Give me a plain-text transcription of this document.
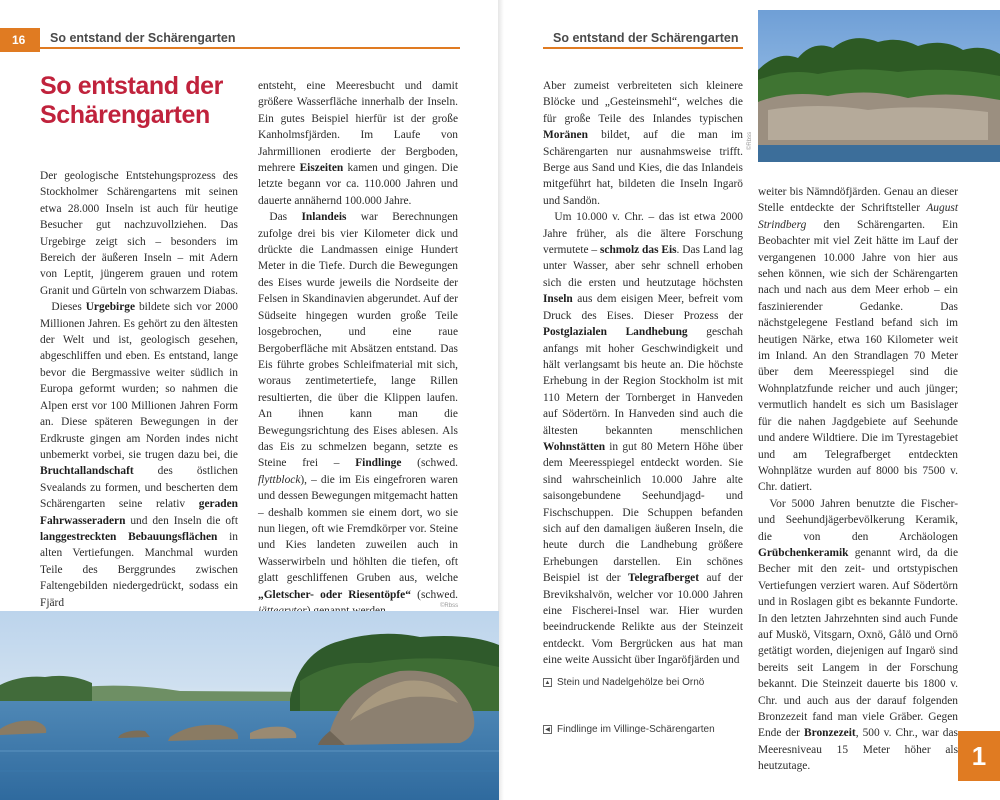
16	So entstand der Schärengarten
So entstand der
Schärengarten

Der geologische Entstehungsprozess des Stockholmer Schärengartens mit seinen etwa 28.000 Inseln ist auch für heutige Besucher gut nachzuvollziehen. Das Urgebirge zeigt sich – besonders im Bereich der äußeren Inseln – mit Adern von Leptit, jüngerem grauen und rotem Granit und Gürteln von schwarzem Diabas.

Dieses Urgebirge bildete sich vor 2000 Millionen Jahren. Es gehört zu den ältesten der Welt und ist, geologisch gesehen, abgeschliffen und eben. Es entstand, lange bevor die Bergmassive weiter südlich in Europa geformt wurden; so nahmen die Alpen erst vor 100 Millionen Jahren Form an. Diese späteren Bewegungen in der Erdkruste gingen am Norden indes nicht unbemerkt vorbei, sie trugen dazu bei, die Bruchtallandschaft des östlichen Svealands zu formen, und bescherten dem Schärengarten seine relativ geraden Fahrwasseradern und den Inseln die oft langgestreckten Bebauungsflächen in alten Vertiefungen. Manchmal wurden Teile des Berggrundes zwischen Faltengebilden niedergedrückt, sodass ein Fjärd

entsteht, eine Meeresbucht und damit größere Wasserfläche innerhalb der Inseln. Ein gutes Beispiel hierfür ist der große Kanholmsfjärden. Im Laufe von Jahrmillionen erodierte der Bergboden, mehrere Eiszeiten kamen und gingen. Die letzte begann vor ca. 110.000 Jahren und dauerte annähernd 100.000 Jahre.

Das Inlandeis war Berechnungen zufolge drei bis vier Kilometer dick und drückte die Landmassen einige Hundert Meter in die Tiefe. Durch die Bewegungen des Eises wurde jeweils die Nordseite der Felsen in Skandinavien abgerundet. Auf der Südseite hingegen wurden große Teile losgebrochen, und eine raue Bergoberfläche mit Absätzen entstand. Das Eis führte grobes Schleifmaterial mit sich, woraus zentimetertiefe, lange Rillen resultierten, die über die Klippen laufen. An ihnen kann man die Bewegungsrichtung des Eises ablesen. Als das Eis zu schmelzen begann, setzte es Steine frei – Findlinge (schwed. flyttblock), – die im Eis eingefroren waren und dessen Bewegungen mitgemacht hatten – deshalb kommen sie einem dort, wo sie nun liegen, oft wie Fremdkörper vor. Steine und Kies landeten zuweilen auch in Wasserwirbeln und höhlten die tiefen, oft glatt geschliffenen Gruben aus, welche „Gletscher- oder Riesentöpfe“ (schwed.

©Rbss
So entstand der Schärengarten
©Rbss

Aber zumeist verbreiteten sich kleinere Blöcke und „Gesteinsmehl“, welches die für große Teile des Inlandes typischen Moränen bildet, auf die man im Schärengarten nur ausnahmsweise trifft. Berge aus Sand und Kies, die das Inlandeis mitgeführt hat, bildeten die Inseln Ingarö und Sandön.

Um 10.000 v. Chr. – das ist etwa 2000 Jahre früher, als die ältere Forschung vermutete – schmolz das Eis. Das Land lag unter Wasser, aber sehr schnell erhoben sich die ersten und heutzutage höchsten Inseln aus dem eisigen Meer, befreit vom Druck des Eises. Dieser Prozess der Postglazialen Landhebung geschah anfangs mit hoher Geschwindigkeit und hält verlangsamt bis heute an. Die höchste Erhebung in der Region Stockholm ist mit 110 Metern der Tornberget in Hanveden auf Södertörn. In Hanveden sind auch die ältesten bekannten menschlichen Wohnstätten in gut 80 Metern Höhe über dem Meeresspiegel entdeckt worden. Sie sind wahrscheinlich 10.000 Jahre alte saisongebundene Seehundjagd- und Fischschuppen. Die Schuppen befanden sich auf den damaligen äußeren Inseln, die heute durch die Landhebung größere Erhebungen darstellen. Ein schönes Beispiel ist der Telegrafberget auf der Brevikshalvön, welcher vor 10.000 Jahren eine Fischerei-Insel war. Hier wurden beeindruckende Relikte aus der Steinzeit entdeckt. Vom Bergrücken aus hat man eine weite Aussicht über Ingaröfjärden und

▲ Stein und Nadelgehölze bei Ornö
◀ Findlinge im Villinge-Schärengarten

weiter bis Nämndöfjärden. Genau an dieser Stelle entdeckte der Schriftsteller August Strindberg den Schärengarten. Ein Beobachter mit viel Zeit hätte im Lauf der vergangenen 10.000 Jahre von hier aus sehen können, wie sich der Schärengarten nach und nach aus dem Meer erhob – ein faszinierender Gedanke. Das nächstgelegene Festland befand sich im heutigen Närke, etwa 160 Kilometer weit im Inland. An den Strandlagen 70 Meter über dem Meeresspiegel sind die Wohnplatzfunde reicher und auch jünger; vermutlich handelt es sich um Basislager für die nahen Jagdgebiete auf Seehunde und andere Wildtiere. Die im Tyrestagebiet und am Telegrafberget entdeckten Wohnplätze wurden auf 8000 bis 7500 v. Chr. datiert.

Vor 5000 Jahren benutzte die Fischer- und Seehundjägerbevölkerung Keramik, die von den Archäologen Grübchenkeramik genannt wird, da die Becher mit den zeit- und ortstypischen Vertiefungen verziert waren. Auf Södertörn und in Roslagen gibt es bekannte Fundorte. In den letzten Jahrzehnten sind auch Funde auf Muskö, Vitsgarn, Oxnö, Gålö und Ornö getätigt worden, diejenigen auf Ingarö sind bereits seit Langem in der Forschung bekannt. Die Steinzeit dauerte bis 1800 v. Chr. und auch aus der darauf folgenden Bronzezeit fand man viele Gräber. Gegen Ende der Bronzezeit, 500 v. Chr., war das Meeresniveau 15 Meter höher als heutzutage.	1
